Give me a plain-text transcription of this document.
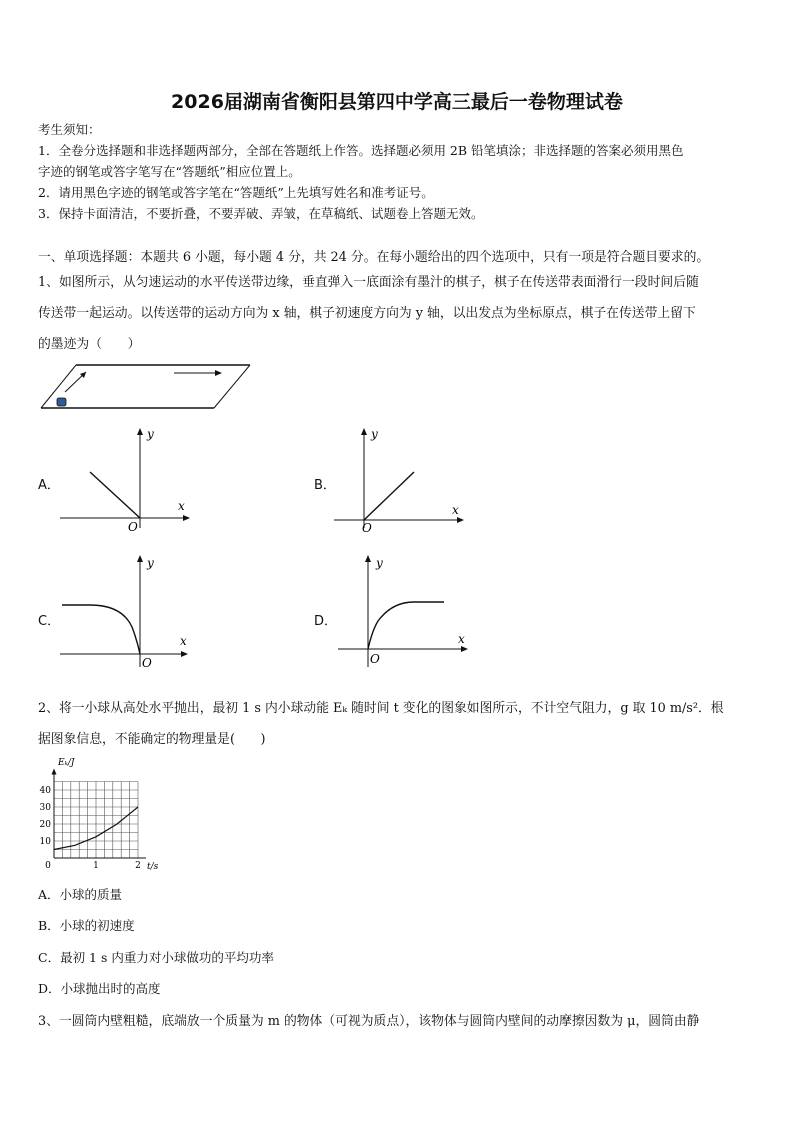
2026届湖南省衡阳县第四中学高三最后一卷物理试卷
考生须知：
1．全卷分选择题和非选择题两部分，全部在答题纸上作答。选择题必须用 2B 铅笔填涂；非选择题的答案必须用黑色
字迹的钢笔或答字笔写在“答题纸”相应位置上。
2．请用黑色字迹的钢笔或答字笔在“答题纸”上先填写姓名和准考证号。
3．保持卡面清洁，不要折叠，不要弄破、弄皱，在草稿纸、试题卷上答题无效。
一、单项选择题：本题共 6 小题，每小题 4 分，共 24 分。在每小题给出的四个选项中，只有一项是符合题目要求的。
1、如图所示，从匀速运动的水平传送带边缘，垂直弹入一底面涂有墨汁的棋子，棋子在传送带表面滑行一段时间后随
传送带一起运动。以传送带的运动方向为 x 轴，棋子初速度方向为 y 轴，以出发点为坐标原点，棋子在传送带上留下
的墨迹为（　　）
A．
y
x
O
B．
y
x
O
C．
y
x
O
D．
y
x
O
2、将一小球从高处水平抛出，最初 1 s 内小球动能 Eₖ 随时间 t 变化的图象如图所示，不计空气阻力，g 取 10 m/s²．根
据图象信息，不能确定的物理量是(　　)
10
20
30
40
0	1	2
Eₖ/J
t/s
A．小球的质量
B．小球的初速度
C．最初 1 s 内重力对小球做功的平均功率
D．小球抛出时的高度
3、一圆筒内壁粗糙，底端放一个质量为 m 的物体（可视为质点），该物体与圆筒内壁间的动摩擦因数为 μ，圆筒由静
